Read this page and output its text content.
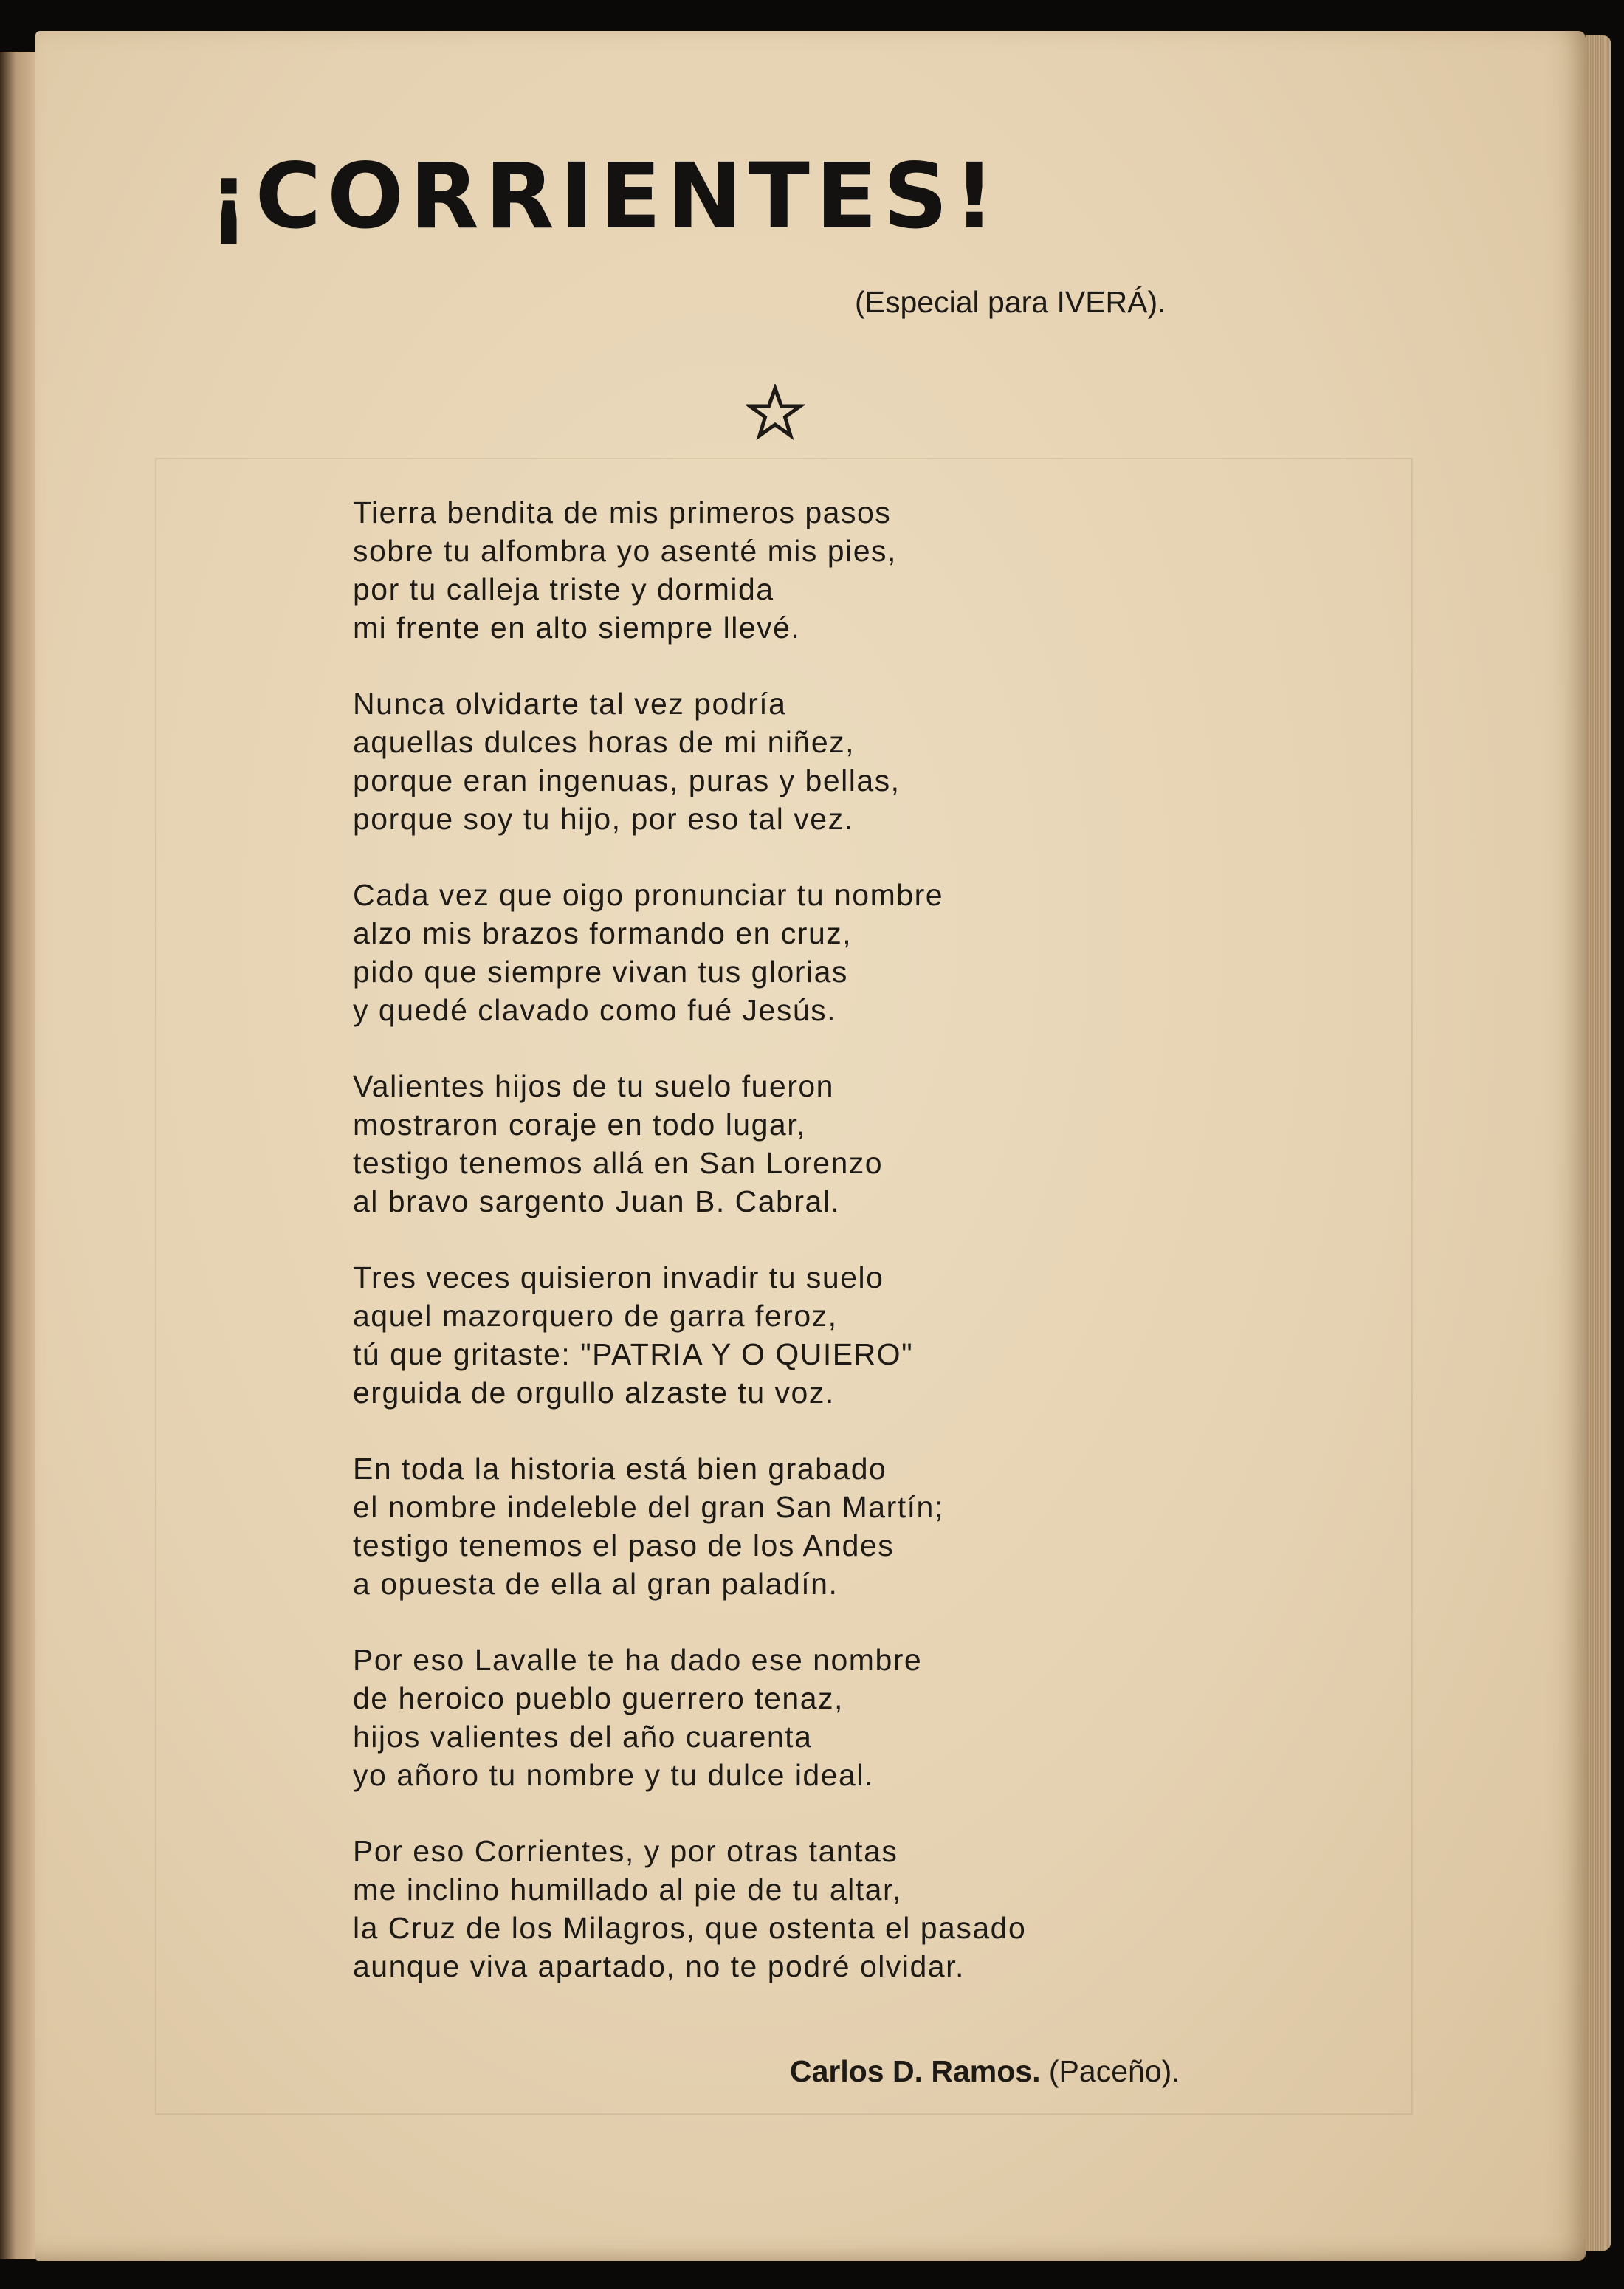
¡CORRIENTES!
(Especial para IVERÁ).
Tierra bendita de mis primeros pasos
sobre tu alfombra yo asenté mis pies,
por tu calleja triste y dormida
mi frente en alto siempre llevé.
Nunca olvidarte tal vez podría
aquellas dulces horas de mi niñez,
porque eran ingenuas, puras y bellas,
porque soy tu hijo, por eso tal vez.
Cada vez que oigo pronunciar tu nombre
alzo mis brazos formando en cruz,
pido que siempre vivan tus glorias
y quedé clavado como fué Jesús.
Valientes hijos de tu suelo fueron
mostraron coraje en todo lugar,
testigo tenemos allá en San Lorenzo
al bravo sargento Juan B. Cabral.
Tres veces quisieron invadir tu suelo
aquel mazorquero de garra feroz,
tú que gritaste: "PATRIA Y O QUIERO"
erguida de orgullo alzaste tu voz.
En toda la historia está bien grabado
el nombre indeleble del gran San Martín;
testigo tenemos el paso de los Andes
a opuesta de ella al gran paladín.
Por eso Lavalle te ha dado ese nombre
de heroico pueblo guerrero tenaz,
hijos valientes del año cuarenta
yo añoro tu nombre y tu dulce ideal.
Por eso Corrientes, y por otras tantas
me inclino humillado al pie de tu altar,
la Cruz de los Milagros, que ostenta el pasado
aunque viva apartado, no te podré olvidar.
Carlos D. Ramos. (Paceño).
